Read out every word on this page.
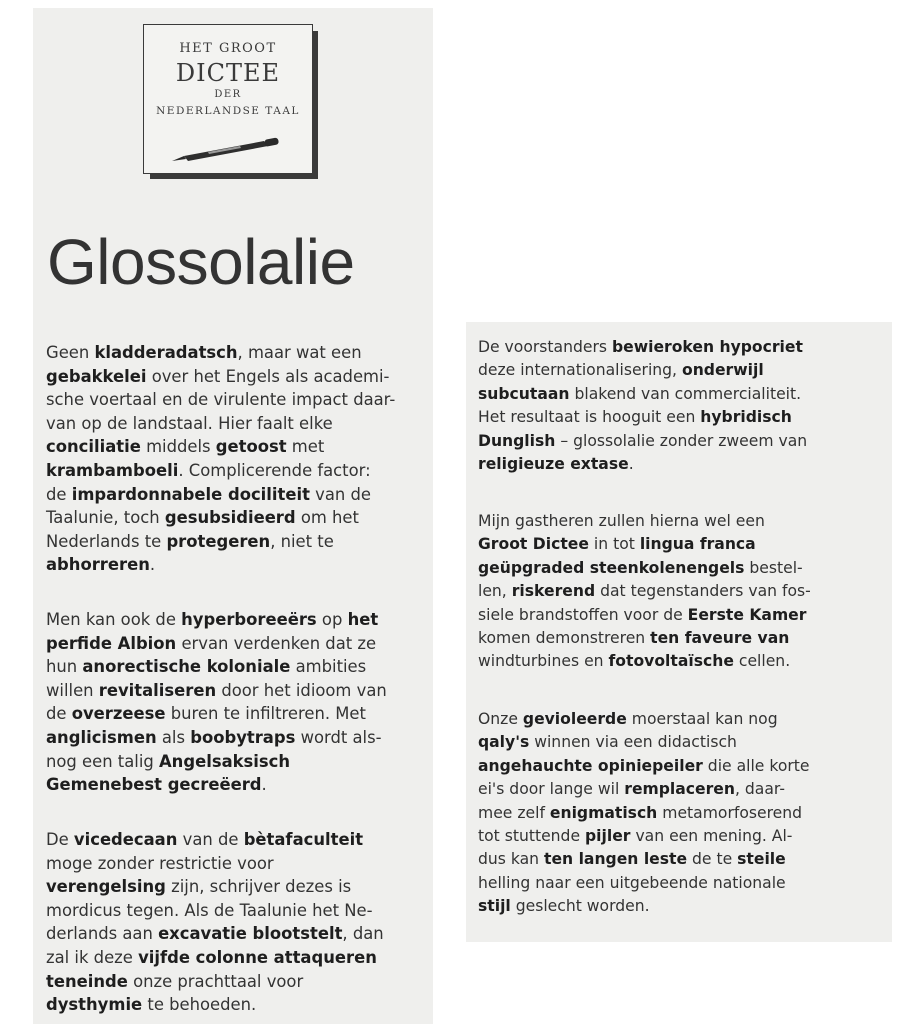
HET GROOT
DICTEE
DER
NEDERLANDSE TAAL
Glossolalie

Geen kladderadatsch, maar wat een
gebakkelei over het Engels als academi-
sche voertaal en de virulente impact daar-
van op de landstaal. Hier faalt elke
conciliatie middels getoost met
krambamboeli. Complicerende factor:
de impardonnabele dociliteit van de
Taalunie, toch gesubsidieerd om het
Nederlands te protegeren, niet te
abhorreren.

Men kan ook de hyperboreeërs op het
perfide Albion ervan verdenken dat ze
hun anorectische koloniale ambities
willen revitaliseren door het idioom van
de overzeese buren te infiltreren. Met
anglicismen als boobytraps wordt als-
nog een talig Angelsaksisch
Gemenebest gecreëerd.

De vicedecaan van de bètafaculteit
moge zonder restrictie voor
verengelsing zijn, schrijver dezes is
mordicus tegen. Als de Taalunie het Ne-
derlands aan excavatie blootstelt, dan
zal ik deze vijfde colonne attaqueren
teneinde onze prachttaal voor
dysthymie te behoeden.

De voorstanders bewieroken hypocriet
deze internationalisering, onderwijl
subcutaan blakend van commercialiteit.
Het resultaat is hooguit een hybridisch
Dunglish – glossolalie zonder zweem van
religieuze extase.

Mijn gastheren zullen hierna wel een
Groot Dictee in tot lingua franca
geüpgraded steenkolenengels bestel-
len, riskerend dat tegenstanders van fos-
siele brandstoffen voor de Eerste Kamer
komen demonstreren ten faveure van
windturbines en fotovoltaïsche cellen.

Onze gevioleerde moerstaal kan nog
qaly's winnen via een didactisch
angehauchte opiniepeiler die alle korte
ei's door lange wil remplaceren, daar-
mee zelf enigmatisch metamorfoserend
tot stuttende pijler van een mening. Al-
dus kan ten langen leste de te steile
helling naar een uitgebeende nationale
stijl geslecht worden.
